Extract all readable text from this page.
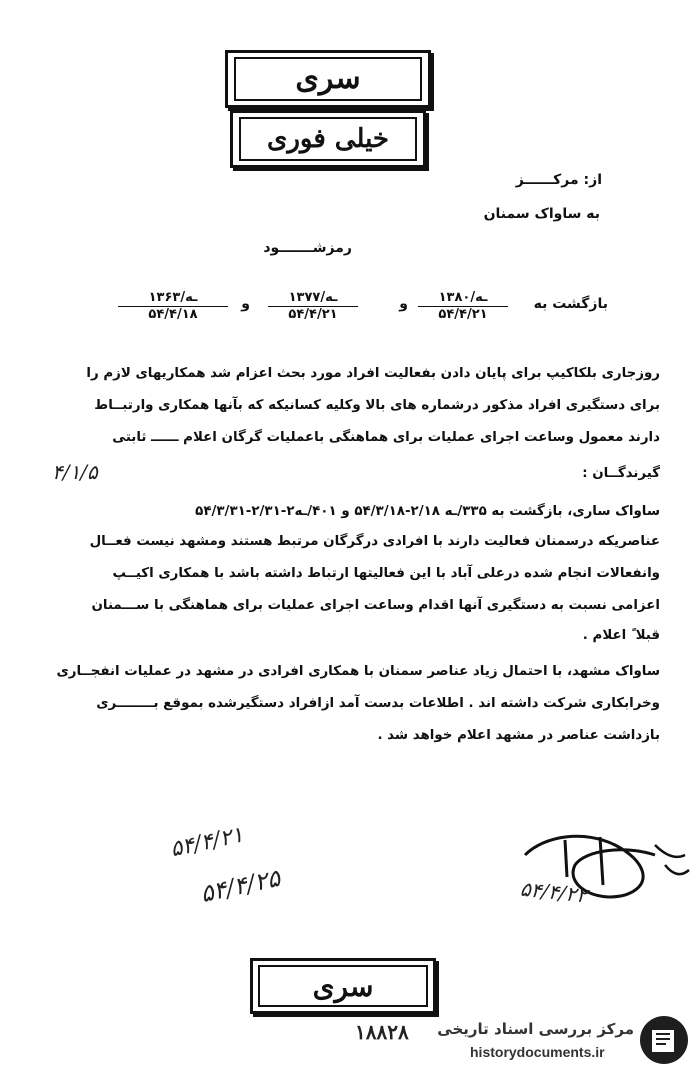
سری
خیلی فوری
از: مرکــــــز
به ساواک سمنان
رمزشـــــــود
بازگشت به
ـه/۱۳۸۰
۵۴/۴/۲۱
و
ـه/۱۳۷۷
۵۴/۴/۲۱
و
ـه/۱۳۶۳
۵۴/۴/۱۸
روزجاری بلکاکیپ برای پایان دادن بفعالیت افراد مورد بحث اعزام شد همکاریهای لازم را
برای دستگیری افراد مذکور درشماره های بالا وکلیه کسانیکه که بآنها همکاری وارتبــاط
دارند معمول وساعت اجرای عملیات برای هماهنگی باعملیات گرگان اعلام ــــــ ثابتی
گیرندگــان :
۴/۱/۵
ساواک ساری، بازگشت به ۳۳۵/ـه ۲/۱۸-۵۴/۳/۱۸ و ۴۰۱/ـه۲-۲/۳۱-۵۴/۳/۳۱
عناصریکه درسمنان فعالیت دارند با افرادی درگرگان مرتبط هستند ومشهد نیست فعــال
وانفعالات انجام شده درعلی آباد با این فعالیتها ارتباط داشته باشد با همکاری اکیــپ
اعزامی نسبت به دستگیری آنها اقدام وساعت اجرای عملیات برای هماهنگی با ســـمنان
قبلا ً اعلام .
ساواک مشهد، با احتمال زیاد عناصر سمنان با همکاری افرادی در مشهد در عملیات انفجــاری
وخرابکاری شرکت داشته اند . اطلاعات بدست آمد ازافراد دستگیرشده بموقع بــــــــری
بازداشت عناصر در مشهد اعلام خواهد شد .
۵۴/۴/۲۱
۵۴/۴/۲۵	۵۴/۴/۲۲
سری
۱۸۸۲۸ مرکز بررسی اسناد تاریخی
historydocuments.ir
